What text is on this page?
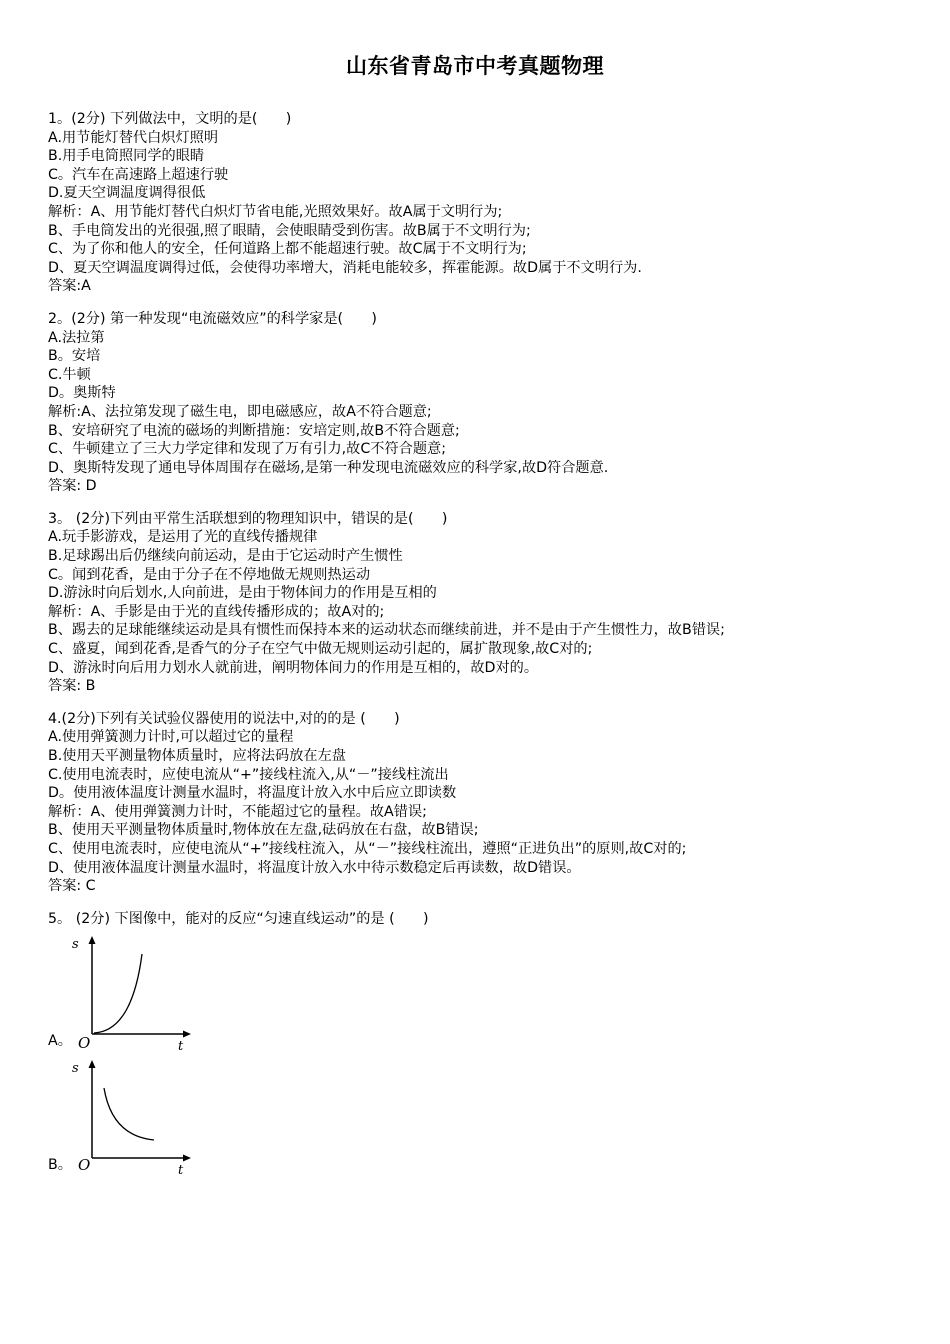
山东省青岛市中考真题物理
1。(2分) 下列做法中，文明的是(　　)
A.用节能灯替代白炽灯照明
B.用手电筒照同学的眼睛
C。汽车在高速路上超速行驶
D.夏天空调温度调得很低
解析：A、用节能灯替代白炽灯节省电能,光照效果好。故A属于文明行为;
B、手电筒发出的光很强,照了眼睛，会使眼睛受到伤害。故B属于不文明行为;
C、为了你和他人的安全，任何道路上都不能超速行驶。故C属于不文明行为;
D、夏天空调温度调得过低，会使得功率增大，消耗电能较多，挥霍能源。故D属于不文明行为.
答案:A
2。(2分) 第一种发现“电流磁效应”的科学家是(　　)
A.法拉第
B。安培
C.牛顿
D。奥斯特
解析:A、法拉第发现了磁生电，即电磁感应，故A不符合题意;
B、安培研究了电流的磁场的判断措施：安培定则,故B不符合题意;
C、牛顿建立了三大力学定律和发现了万有引力,故C不符合题意;
D、奥斯特发现了通电导体周围存在磁场,是第一种发现电流磁效应的科学家,故D符合题意.
答案: D
3。 (2分)下列由平常生活联想到的物理知识中，错误的是(　　)
A.玩手影游戏，是运用了光的直线传播规律
B.足球踢出后仍继续向前运动，是由于它运动时产生惯性
C。闻到花香，是由于分子在不停地做无规则热运动
D.游泳时向后划水,人向前进，是由于物体间力的作用是互相的
解析：A、手影是由于光的直线传播形成的；故A对的;
B、踢去的足球能继续运动是具有惯性而保持本来的运动状态而继续前进，并不是由于产生惯性力，故B错误;
C、盛夏，闻到花香,是香气的分子在空气中做无规则运动引起的，属扩散现象,故C对的;
D、游泳时向后用力划水人就前进，阐明物体间力的作用是互相的，故D对的。
答案: B
4.(2分)下列有关试验仪器使用的说法中,对的的是 (　　)
A.使用弹簧测力计时,可以超过它的量程
B.使用天平测量物体质量时，应将法码放在左盘
C.使用电流表时，应使电流从“+”接线柱流入,从“－”接线柱流出
D。使用液体温度计测量水温时，将温度计放入水中后应立即读数
解析：A、使用弹簧测力计时，不能超过它的量程。故A错误;
B、使用天平测量物体质量时,物体放在左盘,砝码放在右盘，故B错误;
C、使用电流表时，应使电流从“+”接线柱流入，从“－”接线柱流出，遵照“正进负出”的原则,故C对的;
D、使用液体温度计测量水温时，将温度计放入水中待示数稳定后再读数，故D错误。
答案: C
5。 (2分) 下图像中，能对的反应“匀速直线运动”的是 (　　)
A。
s
t
O
B。
s
t
O
